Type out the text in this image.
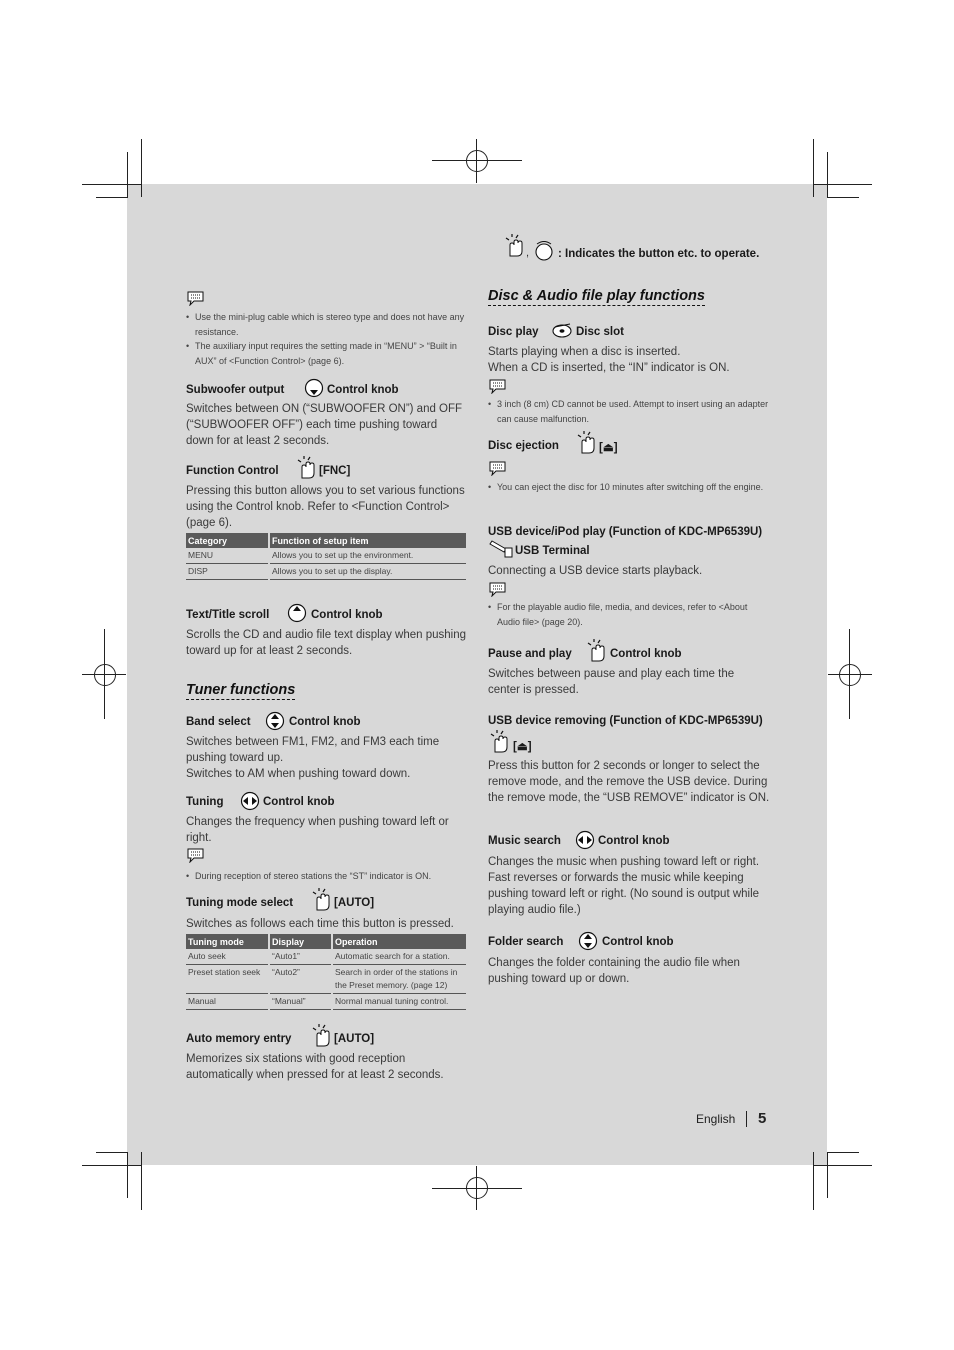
,	: Indicates the button etc. to operate.
• Use the mini-plug cable which is stereo type and does not have any resistance.
• The auxiliary input requires the setting made in “MENU” > “Built in AUX” of <Function Control> (page 6).
Subwoofer output	Control knob
Switches between ON (“SUBWOOFER ON”) and OFF (“SUBWOOFER OFF”) each time pushing toward down for at least 2 seconds.
Function Control	[FNC]
Pressing this button allows you to set various functions using the Control knob. Refer to <Function Control> (page 6).
Category	Function of setup item
MENU	Allows you to set up the environment.
DISP	Allows you to set up the display.
Text/Title scroll	Control knob
Scrolls the CD and audio file text display when pushing toward up for at least 2 seconds.
Tuner functions
Band select	Control knob
Switches between FM1, FM2, and FM3 each time pushing toward up.
Switches to AM when pushing toward down.
Tuning	Control knob
Changes the frequency when pushing toward left or right.
• During reception of stereo stations the “ST” indicator is ON.
Tuning mode select	[AUTO]
Switches as follows each time this button is pressed.
Tuning mode	Display	Operation
Auto seek	“Auto1”	Automatic search for a station.
Preset station seek	“Auto2”	Search in order of the stations in the Preset memory. (page 12)
Manual	“Manual”	Normal manual tuning control.
Auto memory entry	[AUTO]
Memorizes six stations with good reception automatically when pressed for at least 2 seconds.
Disc & Audio file play functions
Disc play	Disc slot
Starts playing when a disc is inserted.
When a CD is inserted, the “IN” indicator is ON.
• 3 inch (8 cm) CD cannot be used. Attempt to insert using an adapter can cause malfunction.
Disc ejection	[⏏]
• You can eject the disc for 10 minutes after switching off the engine.
USB device/iPod play (Function of KDC-MP6539U)
USB Terminal
Connecting a USB device starts playback.
• For the playable audio file, media, and devices, refer to <About Audio file> (page 20).
Pause and play	Control knob
Switches between pause and play each time the center is pressed.
USB device removing (Function of KDC-MP6539U)
[⏏]
Press this button for 2 seconds or longer to select the remove mode, and the remove the USB device. During the remove mode, the “USB REMOVE” indicator is ON.
Music search	Control knob
Changes the music when pushing toward left or right. Fast reverses or forwards the music while keeping pushing toward left or right. (No sound is output while playing audio file.)
Folder search	Control knob
Changes the folder containing the audio file when pushing toward up or down.
English 5
